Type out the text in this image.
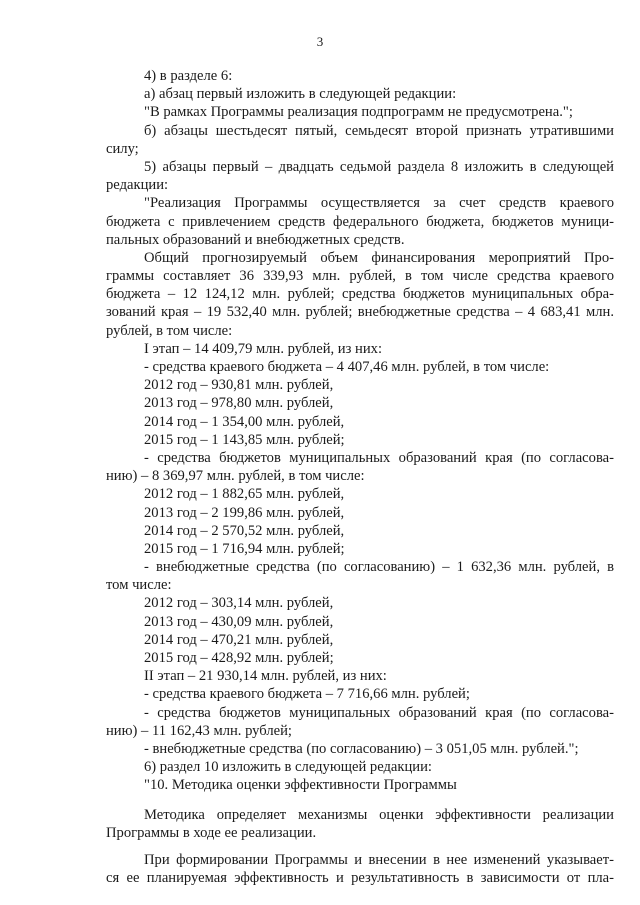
3
4) в разделе 6:
а) абзац первый изложить в следующей редакции:
"В рамках Программы реализация подпрограмм не предусмотрена.";
б) абзацы шестьдесят пятый, семьдесят второй признать утратившими
силу;
5) абзацы первый – двадцать седьмой раздела 8 изложить в следующей
редакции:
"Реализация Программы осуществляется за счет средств краевого
бюджета с привлечением средств федерального бюджета, бюджетов муници-
пальных образований и внебюджетных средств.
Общий прогнозируемый объем финансирования мероприятий Про-
граммы составляет 36 339,93 млн. рублей, в том числе средства краевого
бюджета – 12 124,12 млн. рублей; средства бюджетов муниципальных обра-
зований края – 19 532,40 млн. рублей; внебюджетные средства – 4 683,41 млн.
рублей, в том числе:
I этап – 14 409,79 млн. рублей, из них:
- средства краевого бюджета – 4 407,46 млн. рублей, в том числе:
2012 год – 930,81 млн. рублей,
2013 год – 978,80 млн. рублей,
2014 год – 1 354,00 млн. рублей,
2015 год – 1 143,85 млн. рублей;
- средства бюджетов муниципальных образований края (по согласова-
нию) – 8 369,97 млн. рублей, в том числе:
2012 год – 1 882,65 млн. рублей,
2013 год – 2 199,86 млн. рублей,
2014 год – 2 570,52 млн. рублей,
2015 год – 1 716,94 млн. рублей;
- внебюджетные средства (по согласованию) – 1 632,36 млн. рублей, в
том числе:
2012 год – 303,14 млн. рублей,
2013 год – 430,09 млн. рублей,
2014 год – 470,21 млн. рублей,
2015 год – 428,92 млн. рублей;
II этап – 21 930,14 млн. рублей, из них:
- средства краевого бюджета – 7 716,66 млн. рублей;
- средства бюджетов муниципальных образований края (по согласова-
нию) – 11 162,43 млн. рублей;
- внебюджетные средства (по согласованию) – 3 051,05 млн. рублей.";
6) раздел 10 изложить в следующей редакции:
"10. Методика оценки эффективности Программы
Методика определяет механизмы оценки эффективности реализации
Программы в ходе ее реализации.
При формировании Программы и внесении в нее изменений указывает-
ся ее планируемая эффективность и результативность в зависимости от пла-
